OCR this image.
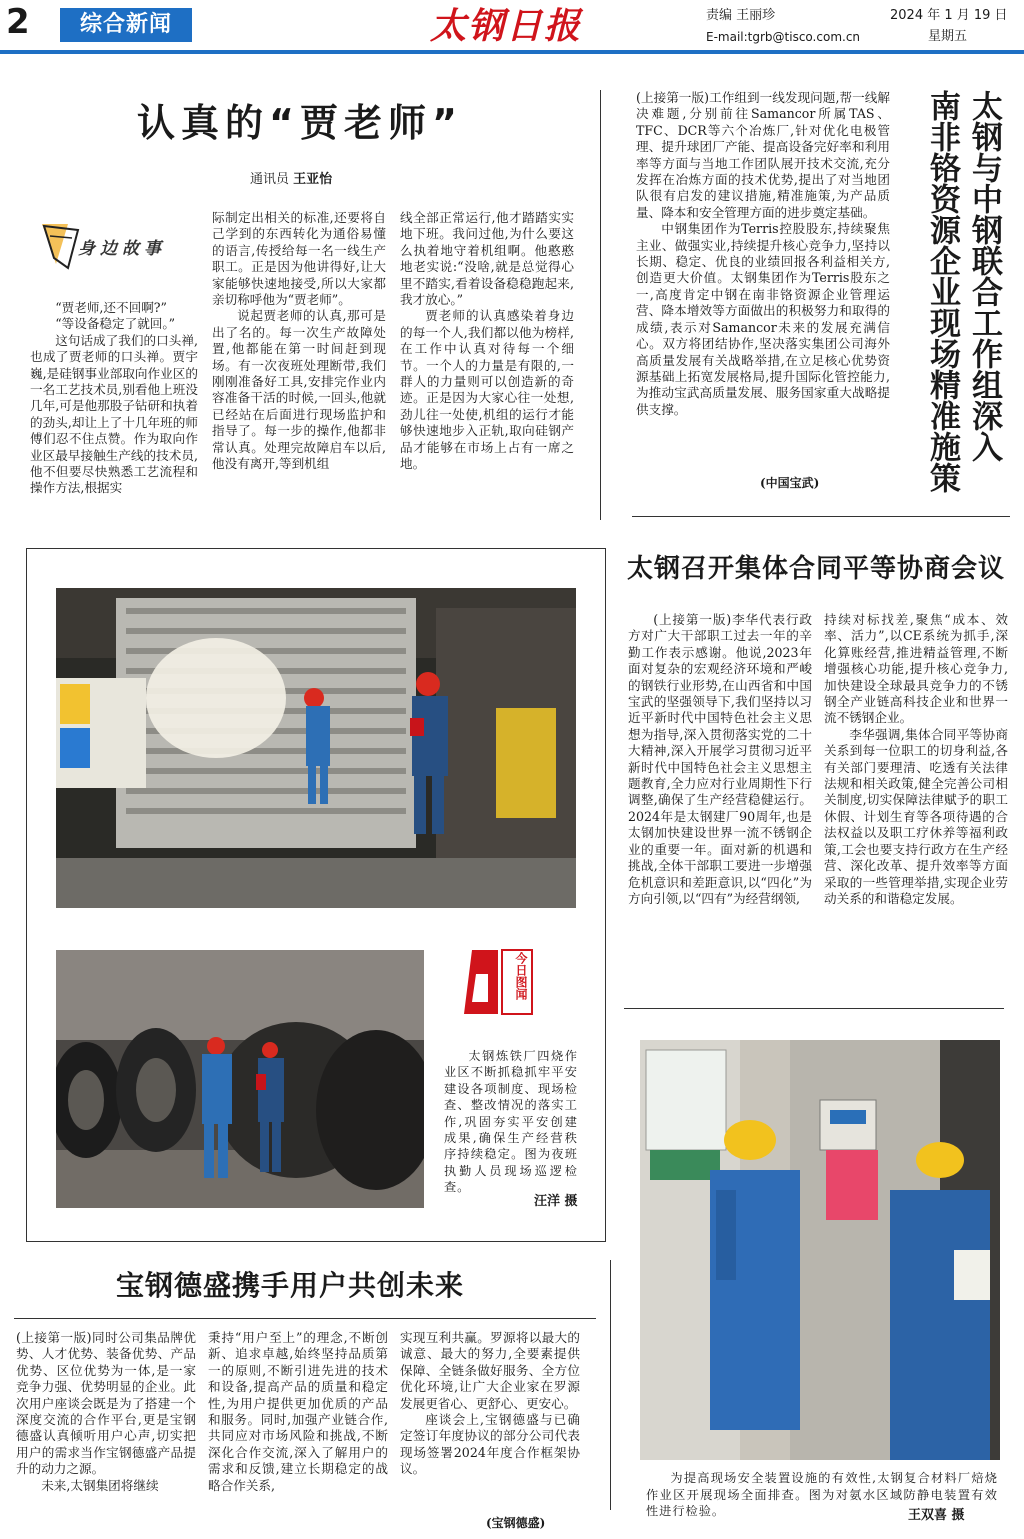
2	综合新闻	太钢日报	责编 王丽珍
E-mail:tgrb@tisco.com.cn
2024 年 1 月 19 日
星期五
认真的“贾老师”
通讯员 王亚怡
身边故事

“贾老师,还不回啊?”

“等设备稳定了就回。”

这句话成了我们的口头禅,也成了贾老师的口头禅。贾宇巍,是硅钢事业部取向作业区的一名工艺技术员,别看他上班没几年,可是他那股子钻研和执着的劲头,却让上了十几年班的师傅们忍不住点赞。作为取向作业区最早接触生产线的技术员,他不但要尽快熟悉工艺流程和操作方法,根据实

际制定出相关的标准,还要将自己学到的东西转化为通俗易懂的语言,传授给每一名一线生产职工。正是因为他讲得好,让大家能够快速地接受,所以大家都亲切称呼他为“贾老师”。

说起贾老师的认真,那可是出了名的。每一次生产故障处置,他都能在第一时间赶到现场。有一次夜班处理断带,我们刚刚准备好工具,安排完作业内容准备干活的时候,一回头,他就已经站在后面进行现场监护和指导了。每一步的操作,他都非常认真。处理完故障启车以后,他没有离开,等到机组

线全部正常运行,他才踏踏实实地下班。我问过他,为什么要这么执着地守着机组啊。他憨憨地老实说:“没啥,就是总觉得心里不踏实,看着设备稳稳跑起来,我才放心。”

贾老师的认真感染着身边的每一个人,我们都以他为榜样,在工作中认真对待每一个细节。一个人的力量是有限的,一群人的力量则可以创造新的奇迹。正是因为大家心往一处想,劲儿往一处使,机组的运行才能够快速地步入正轨,取向硅钢产品才能够在市场上占有一席之地。

(上接第一版)工作组到一线发现问题,帮一线解决难题,分别前往Samancor所属TAS、TFC、DCR等六个冶炼厂,针对优化电极管理、提升球团厂产能、提高设备完好率和利用率等方面与当地工作团队展开技术交流,充分发挥在冶炼方面的技术优势,提出了对当地团队很有启发的建议措施,精准施策,为产品质量、降本和安全管理方面的进步奠定基础。

中钢集团作为Terris控股股东,持续聚焦主业、做强实业,持续提升核心竞争力,坚持以长期、稳定、优良的业绩回报各利益相关方,创造更大价值。太钢集团作为Terris股东之一,高度肯定中钢在南非铬资源企业管理运营、降本增效等方面做出的积极努力和取得的成绩,表示对Samancor未来的发展充满信心。双方将团结协作,坚决落实集团公司海外高质量发展有关战略举措,在立足核心优势资源基础上拓宽发展格局,提升国际化管控能力,为推动宝武高质量发展、服务国家重大战略提供支撑。

(中国宝武)
太钢与中钢联合工作组深入
南非铬资源企业现场精准施策
今日图闻
太钢炼铁厂四烧作业区不断抓稳抓牢平安建设各项制度、现场检查、整改情况的落实工作,巩固夯实平安创建成果,确保生产经营秩序持续稳定。图为夜班执勤人员现场巡逻检查。
汪洋 摄
太钢召开集体合同平等协商会议

(上接第一版)李华代表行政方对广大干部职工过去一年的辛勤工作表示感谢。他说,2023年面对复杂的宏观经济环境和严峻的钢铁行业形势,在山西省和中国宝武的坚强领导下,我们坚持以习近平新时代中国特色社会主义思想为指导,深入贯彻落实党的二十大精神,深入开展学习贯彻习近平新时代中国特色社会主义思想主题教育,全力应对行业周期性下行调整,确保了生产经营稳健运行。2024年是太钢建厂90周年,也是太钢加快建设世界一流不锈钢企业的重要一年。面对新的机遇和挑战,全体干部职工要进一步增强危机意识和差距意识,以“四化”为方向引领,以“四有”为经营纲领,

持续对标找差,聚焦“成本、效率、活力”,以CE系统为抓手,深化算账经营,推进精益管理,不断增强核心功能,提升核心竞争力,加快建设全球最具竞争力的不锈钢全产业链高科技企业和世界一流不锈钢企业。

李华强调,集体合同平等协商关系到每一位职工的切身利益,各有关部门要理清、吃透有关法律法规和相关政策,健全完善公司相关制度,切实保障法律赋予的职工休假、计划生育等各项待遇的合法权益以及职工疗休养等福利政策,工会也要支持行政方在生产经营、深化改革、提升效率等方面采取的一些管理举措,实现企业劳动关系的和谐稳定发展。

为提高现场安全装置设施的有效性,太钢复合材料厂焙烧作业区开展现场全面排查。图为对氨水区域防静电装置有效性进行检验。	王双喜 摄
宝钢德盛携手用户共创未来

(上接第一版)同时公司集品牌优势、人才优势、装备优势、产品优势、区位优势为一体,是一家竞争力强、优势明显的企业。此次用户座谈会既是为了搭建一个深度交流的合作平台,更是宝钢德盛认真倾听用户心声,切实把用户的需求当作宝钢德盛产品提升的动力之源。

未来,太钢集团将继续

秉持“用户至上”的理念,不断创新、追求卓越,始终坚持品质第一的原则,不断引进先进的技术和设备,提高产品的质量和稳定性,为用户提供更加优质的产品和服务。同时,加强产业链合作,共同应对市场风险和挑战,不断深化合作交流,深入了解用户的需求和反馈,建立长期稳定的战略合作关系,

实现互利共赢。罗源将以最大的诚意、最大的努力,全要素提供保障、全链条做好服务、全方位优化环境,让广大企业家在罗源发展更省心、更舒心、更安心。

座谈会上,宝钢德盛与已确定签订年度协议的部分公司代表现场签署2024年度合作框架协议。

(宝钢德盛)
